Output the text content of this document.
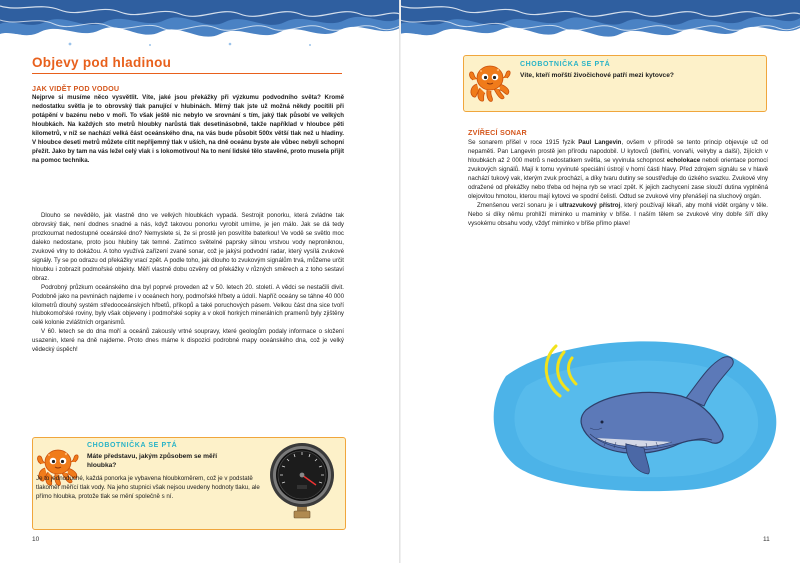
Objevy pod hladinou
JAK VIDĚT POD VODOU
Nejprve si musíme něco vysvětlit. Víte, jaké jsou překážky při výzkumu podvodního světa? Kromě nedostatku světla je to obrovský tlak panující v hlubinách. Mírný tlak jste už možná někdy pocítili při potápění v bazénu nebo v moři. To však ještě nic nebylo ve srovnání s tím, jaký tlak působí ve velkých hloubkách. Na každých sto metrů hloubky narůstá tlak desetinásobně, takže například v hloubce pěti kilometrů, v níž se nachází velká část oceánského dna, na vás bude působit 500x větší tlak než u hladiny. V hloubce deseti metrů můžete cítit nepříjemný tlak v uších, na dně oceánu byste ale vůbec nebyli schopní přežít. Jako by tam na vás ležel celý vlak i s lokomotivou! Na to není lidské tělo stavěné, proto musela přijít na pomoc technika.

Dlouho se nevědělo, jak vlastně dno ve velkých hloubkách vypadá. Sestrojit ponorku, která zvládne tak obrovský tlak, není dodnes snadné a nás, když takovou ponorku vyrobit umíme, je jen málo. Jak se dá tedy prozkoumat nedostupné oceánské dno? Nemyslete si, že si prostě jen posvítíte baterkou! Ve vodě se světlo moc daleko nedostane, proto jsou hlubiny tak temné. Zatímco světelné paprsky silnou vrstvou vody neproniknou, zvukové vlny to dokážou. A toho využívá zařízení zvané sonar, což je jakýsi podvodní radar, který vysílá zvukové signály. Ty se po odrazu od překážky vrací zpět. A podle toho, jak dlouho to zvukovým signálům trvá, můžeme určit hloubku i zobrazit podmořské objekty. Měří vlastně dobu ozvěny od překážky v různých směrech a z toho sestaví obraz.

Podrobný průzkum oceánského dna byl poprvé proveden až v 50. letech 20. století. A vědci se nestačili divit. Podobně jako na pevninách najdeme i v oceánech hory, podmořské hřbety a údolí. Napříč oceány se táhne 40 000 kilometrů dlouhý systém středooceánských hřbetů, příkopů a také poruchových pásem. Velkou část dna sice tvoří hlubokomořské roviny, byly však objeveny i podmořské sopky a v okolí horkých minerálních pramenů byly zjištěny celé kolonie zvláštních organismů.

V 60. letech se do dna moří a oceánů zakously vrtné soupravy, které geologům podaly informace o složení usazenin, které na dně najdeme. Proto dnes máme k dispozici podrobné mapy oceánského dna, což je velký vědecký úspěch!

CHOBOTNIČKA SE PTÁ
Máte představu, jakým způsobem se měří hloubka?
Je to jednoduché, každá ponorka je vybavena hloubkoměrem, což je v podstatě tlakoměr měřící tlak vody. Na jeho stupnici však nejsou uvedeny hodnoty tlaku, ale přímo hloubka, protože tlak se mění společně s ní.
10
CHOBOTNIČKA SE PTÁ
Víte, kteří mořští živočichové patří mezi kytovce?
ZVÍŘECÍ SONAR

Se sonarem přišel v roce 1915 fyzik Paul Langevin, ovšem v přírodě se tento princip objevuje už od nepaměti. Pan Langevin prostě jen přírodu napodobil. U kytovců (delfíni, vorvaňi, velryby a další), žijících v hloubkách až 2 000 metrů s nedostatkem světla, se vyvinula schopnost echolokace neboli orientace pomocí zvukových signálů. Mají k tomu vyvinuté speciální ústrojí v horní části hlavy. Před zdrojem signálu se v hlavě nachází tukový vak, kterým zvuk prochází, a díky tvaru dutiny se soustřeďuje do úzkého svazku. Zvukové vlny odražené od překážky nebo třeba od hejna ryb se vrací zpět. K jejich zachycení zase slouží dutina vyplněná olejovitou hmotou, kterou mají kytovci ve spodní čelisti. Odtud se zvukové vlny přenášejí na sluchový orgán.

Zmenšenou verzí sonaru je i ultrazvukový přístroj, který používají lékaři, aby mohli vidět orgány v těle. Nebo si díky němu prohlíží miminko u maminky v břiše. I naším tělem se zvukové vlny dobře šíří díky vysokému obsahu vody, vždyť miminko v břiše přímo plave!

11
